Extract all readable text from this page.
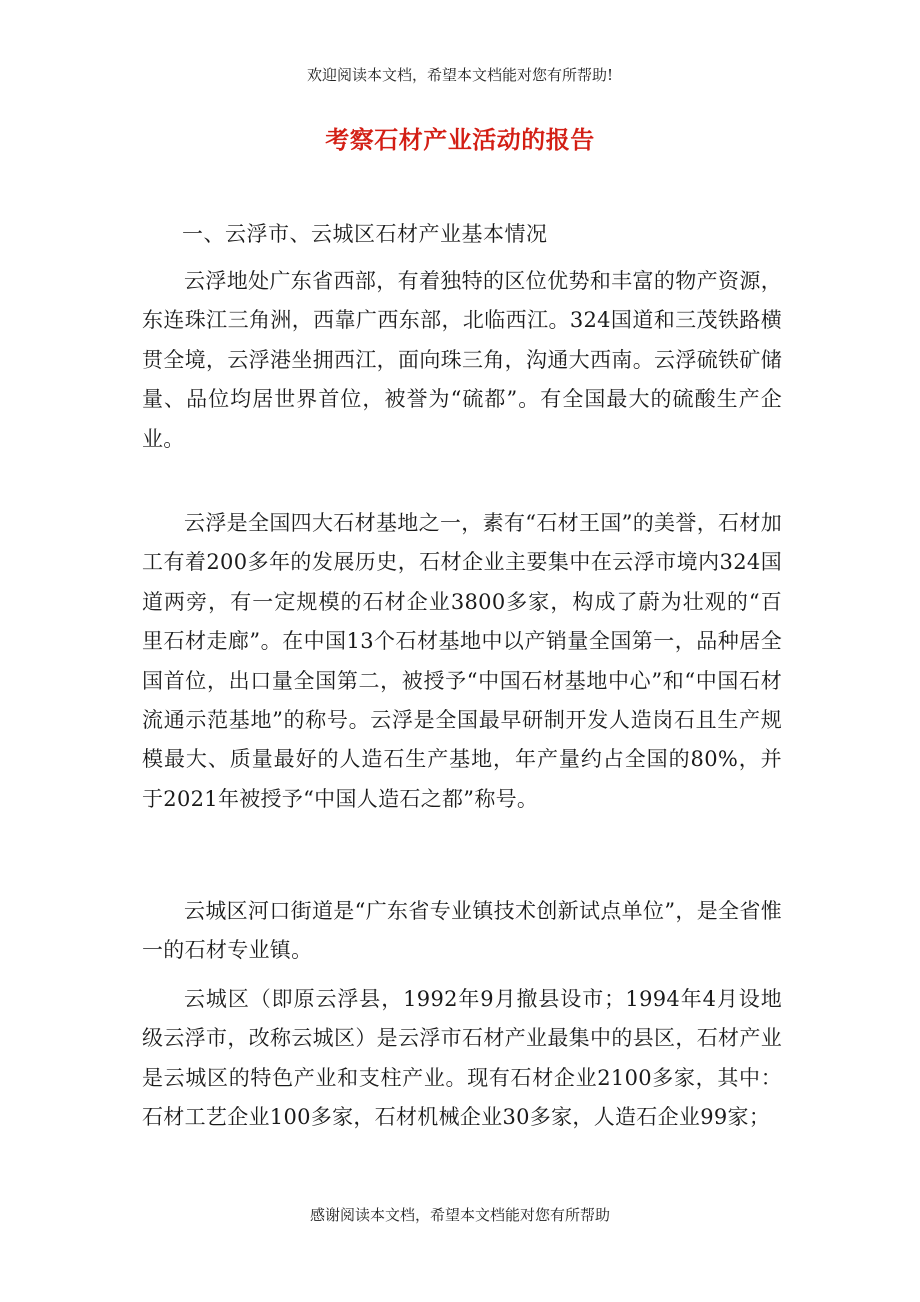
欢迎阅读本文档，希望本文档能对您有所帮助!
考察石材产业活动的报告
一、云浮市、云城区石材产业基本情况

云浮地处广东省西部，有着独特的区位优势和丰富的物产资源，东连珠江三角洲，西靠广西东部，北临西江。324国道和三茂铁路横贯全境，云浮港坐拥西江，面向珠三角，沟通大西南。云浮硫铁矿储量、品位均居世界首位，被誉为“硫都”。有全国最大的硫酸生产企业。

云浮是全国四大石材基地之一，素有“石材王国”的美誉，石材加工有着200多年的发展历史，石材企业主要集中在云浮市境内324国道两旁，有一定规模的石材企业3800多家，构成了蔚为壮观的“百里石材走廊”。在中国13个石材基地中以产销量全国第一，品种居全国首位，出口量全国第二，被授予“中国石材基地中心”和“中国石材流通示范基地”的称号。云浮是全国最早研制开发人造岗石且生产规模最大、质量最好的人造石生产基地，年产量约占全国的80%，并于2021年被授予“中国人造石之都”称号。

云城区河口街道是“广东省专业镇技术创新试点单位”，是全省惟一的石材专业镇。

云城区（即原云浮县，1992年9月撤县设市；1994年4月设地级云浮市，改称云城区）是云浮市石材产业最集中的县区，石材产业是云城区的特色产业和支柱产业。现有石材企业2100多家，其中：石材工艺企业100多家，石材机械企业30多家，人造石企业99家；

感谢阅读本文档，希望本文档能对您有所帮助
